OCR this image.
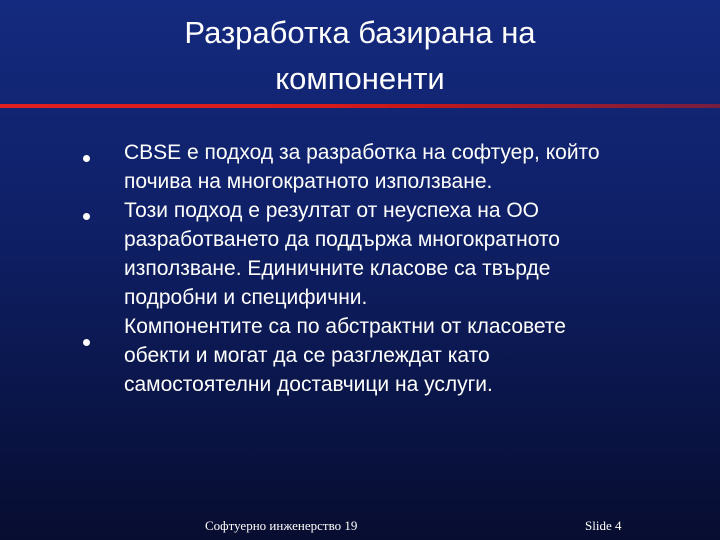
Разработка базирана на
компоненти
CBSE е подход за разработка на софтуер, който
почива на многократното използване.
Този подход е резултат от неуспеха на ОО
разработването да поддържа многократното
използване. Единичните класове са твърде
подробни и специфични.
Компонентите са по абстрактни от класовете
обекти и могат да се разглеждат като
самостоятелни доставчици на услуги.
Софтуерно инженерство 19	Slide 4
